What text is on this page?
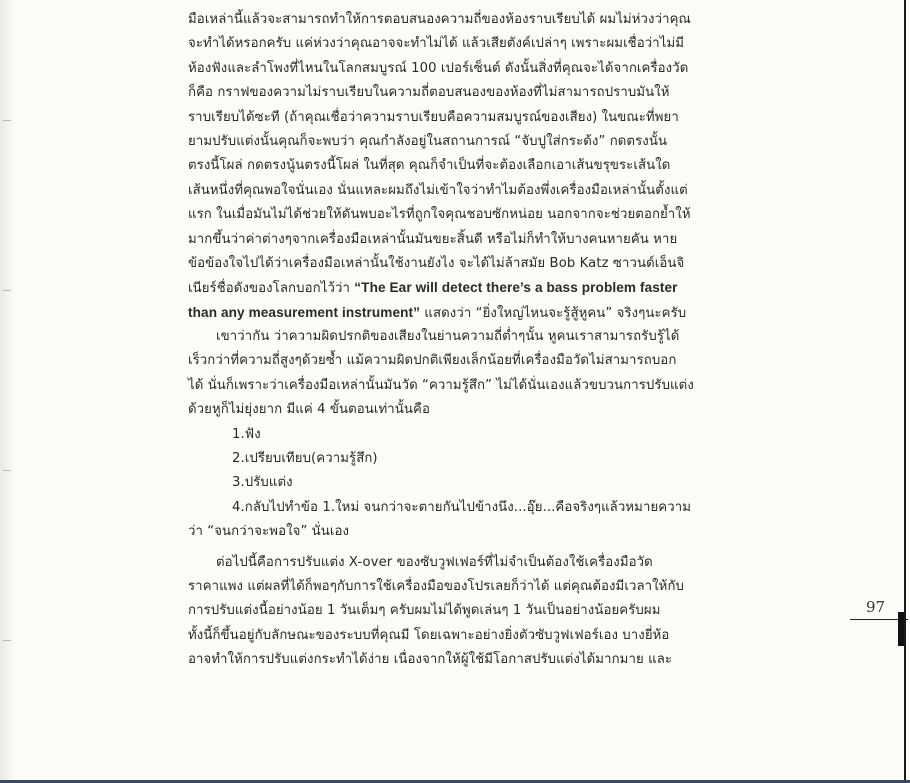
มือเหล่านี้แล้วจะสามารถทำให้การตอบสนองความถี่ของห้องราบเรียบได้ ผมไม่ห่วงว่าคุณ
จะทำได้หรอกครับ แค่ห่วงว่าคุณอาจจะทำไม่ได้ แล้วเสียตังค์เปล่าๆ เพราะผมเชื่อว่าไม่มี
ห้องฟังและลำโพงที่ไหนในโลกสมบูรณ์ 100 เปอร์เซ็นต์ ดังนั้นสิ่งที่คุณจะได้จากเครื่องวัด
ก็คือ กราฟของความไม่ราบเรียบในความถี่ตอบสนองของห้องที่ไม่สามารถปราบมันให้
ราบเรียบได้ซะที (ถ้าคุณเชื่อว่าความราบเรียบคือความสมบูรณ์ของเสียง) ในขณะที่พยา
ยามปรับแต่งนั้นคุณก็จะพบว่า คุณกำลังอยู่ในสถานการณ์ “จับปูใส่กระด้ง” กดตรงนั้น
ตรงนี้โผล่ กดตรงนู้นตรงนี้โผล่ ในที่สุด คุณก็จำเป็นที่จะต้องเลือกเอาเส้นขรุขระเส้นใด
เส้นหนึ่งที่คุณพอใจนั่นเอง นั่นแหละผมถึงไม่เข้าใจว่าทำไมต้องพึ่งเครื่องมือเหล่านั้นตั้งแต่
แรก ในเมื่อมันไม่ได้ช่วยให้ดันพบอะไรที่ถูกใจคุณชอบซักหน่อย นอกจากจะช่วยตอกย้ำให้
มากขึ้นว่าค่าต่างๆจากเครื่องมือเหล่านั้นมันขยะสิ้นดี หรือไม่ก็ทำให้บางคนหายคัน หาย
ข้อข้องใจไปได้ว่าเครื่องมือเหล่านั้นใช้งานยังไง จะได้ไม่ล้าสมัย Bob Katz ซาวนด์เอ็นจิ
เนียร์ชื่อดังของโลกบอกไว้ว่า “The Ear will detect there’s a bass problem faster
than any measurement instrument” แสดงว่า “ยิ่งใหญ่ไหนจะรู้สู้หูคน” จริงๆนะครับ
เขาว่ากัน ว่าความผิดปรกติของเสียงในย่านความถี่ต่ำๆนั้น หูคนเราสามารถรับรู้ได้
เร็วกว่าที่ความถี่สูงๆด้วยซ้ำ แม้ความผิดปกติเพียงเล็กน้อยที่เครื่องมือวัดไม่สามารถบอก
ได้ นั่นก็เพราะว่าเครื่องมือเหล่านั้นมันวัด “ความรู้สึก” ไม่ได้นั่นเองแล้วขบวนการปรับแต่ง
ด้วยหูก็ไม่ยุ่งยาก มีแค่ 4 ขั้นตอนเท่านั้นคือ
1.ฟัง
2.เปรียบเทียบ(ความรู้สึก)
3.ปรับแต่ง
4.กลับไปทำข้อ 1.ใหม่ จนกว่าจะตายกันไปข้างนึง...อุ๊ย...คือจริงๆแล้วหมายความ
ว่า “จนกว่าจะพอใจ” นั่นเอง
ต่อไปนี้คือการปรับแต่ง X-over ของซับวูฟเฟอร์ที่ไม่จำเป็นต้องใช้เครื่องมือวัด
ราคาแพง แต่ผลที่ได้ก็พอๆกับการใช้เครื่องมือของโปรเลยก็ว่าได้ แต่คุณต้องมีเวลาให้กับ
การปรับแต่งนี้อย่างน้อย 1 วันเต็มๆ ครับผมไม่ได้พูดเล่นๆ 1 วันเป็นอย่างน้อยครับผม
ทั้งนี้ก็ขึ้นอยู่กับลักษณะของระบบที่คุณมี โดยเฉพาะอย่างยิ่งตัวซับวูฟเฟอร์เอง บางยี่ห้อ
อาจทำให้การปรับแต่งกระทำได้ง่าย เนื่องจากให้ผู้ใช้มีโอกาสปรับแต่งได้มากมาย และ
97
